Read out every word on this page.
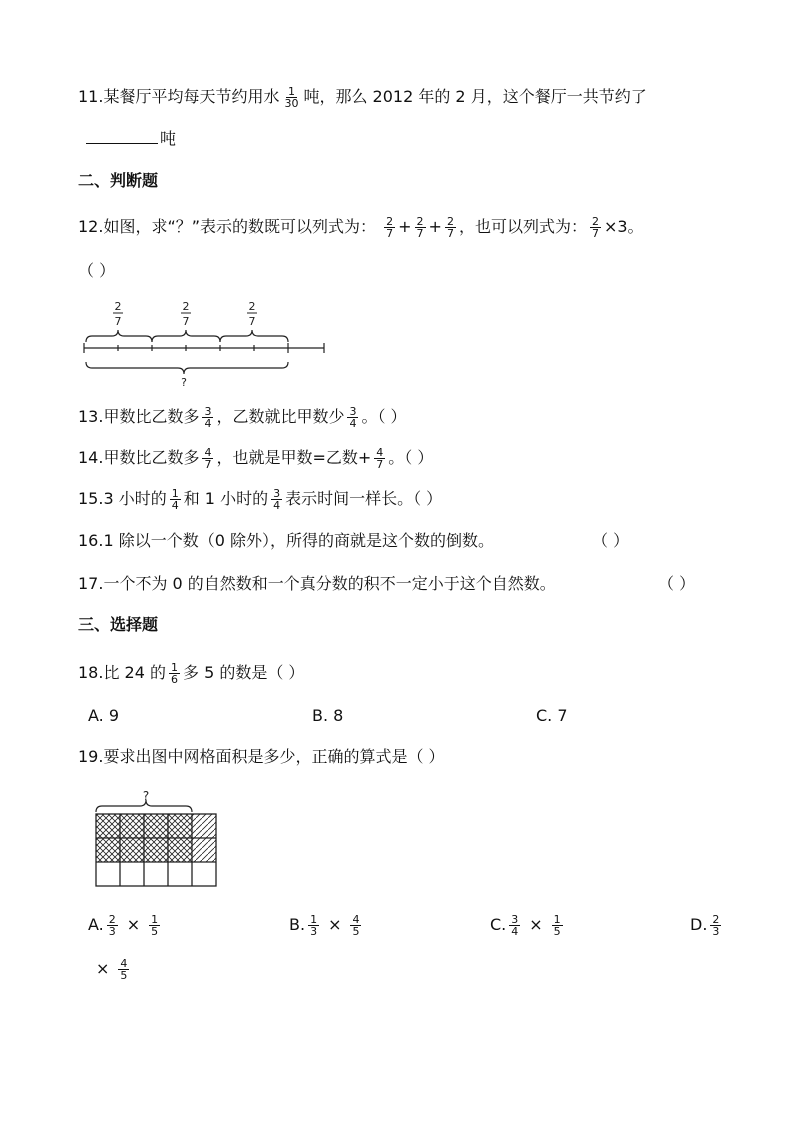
11.某餐厅平均每天节约用水 $\frac{1}{30}$ 吨，那么 2012 年的 2 月，这个餐厅一共节约了
吨
二、判断题
12.如图，求“？”表示的数既可以列式为： $\frac{2}{7} + \frac{2}{7} + \frac{2}{7}$ ，也可以列式为： $\frac{2}{7} \times 3$。
（ ）
2
7
2
7
2
7
?
13.甲数比乙数多 $\frac{3}{4}$ ，乙数就比甲数少 $\frac{3}{4}$ 。（ ）
14.甲数比乙数多 $\frac{4}{7}$ ，也就是甲数=乙数+ $\frac{4}{7}$ 。（ ）
15.3 小时的 $\frac{1}{4}$ 和 1 小时的 $\frac{3}{4}$ 表示时间一样长。（ ）
16.1 除以一个数（0 除外），所得的商就是这个数的倒数。	（ ）
17.一个不为 0 的自然数和一个真分数的积不一定小于这个自然数。	（ ）
三、选择题
18.比 24 的 $\frac{1}{6}$ 多 5 的数是（ ）
A. 9	B. 8	C. 7
19.要求出图中网格面积是多少，正确的算式是（ ）
?
A. $\frac{2}{3} \times \frac{1}{5}$	B. $\frac{1}{3} \times \frac{4}{5}$	C. $\frac{3}{4} \times \frac{1}{5}$	D. $\frac{2}{3}$
× $\frac{4}{5}$
